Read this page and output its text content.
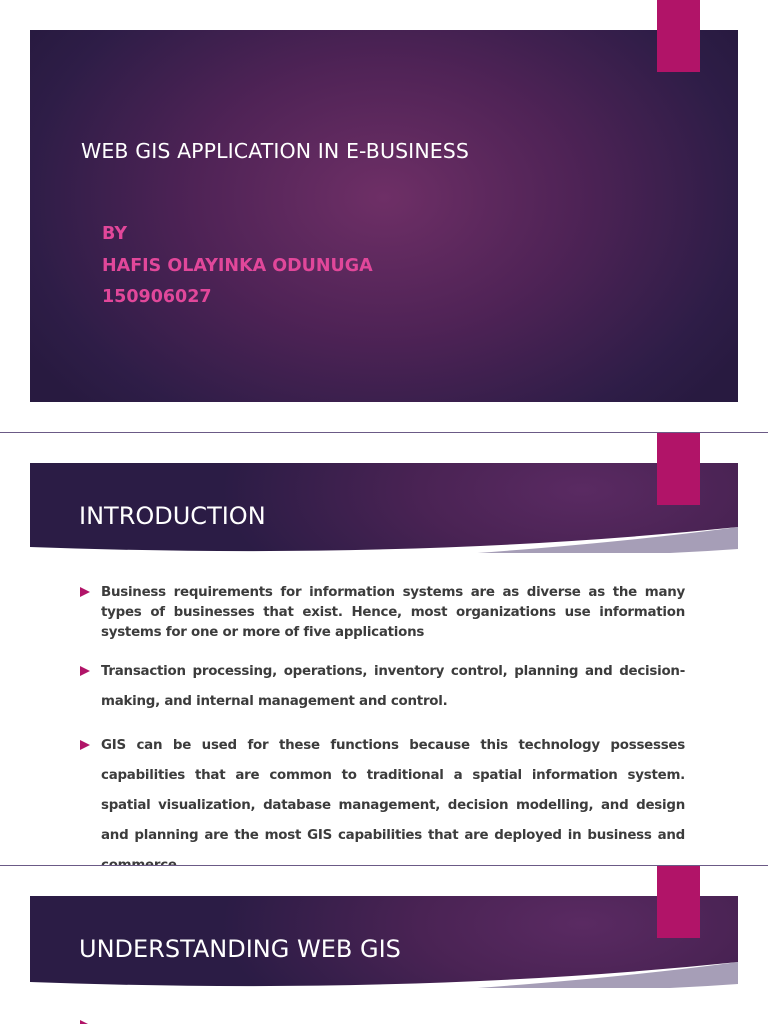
WEB GIS APPLICATION IN E-BUSINESS
BY
HAFIS OLAYINKA ODUNUGA
150906027
INTRODUCTION
Business requirements for information systems are as diverse as the many types of businesses that exist. Hence, most organizations use information systems for one or more of five applications
Transaction processing, operations, inventory control, planning and decision-making, and internal management and control.
GIS can be used for these functions because this technology possesses capabilities that are common to traditional a spatial information system. spatial visualization, database management, decision modelling, and design and planning are the most GIS capabilities that are deployed in business and
UNDERSTANDING WEB GIS
